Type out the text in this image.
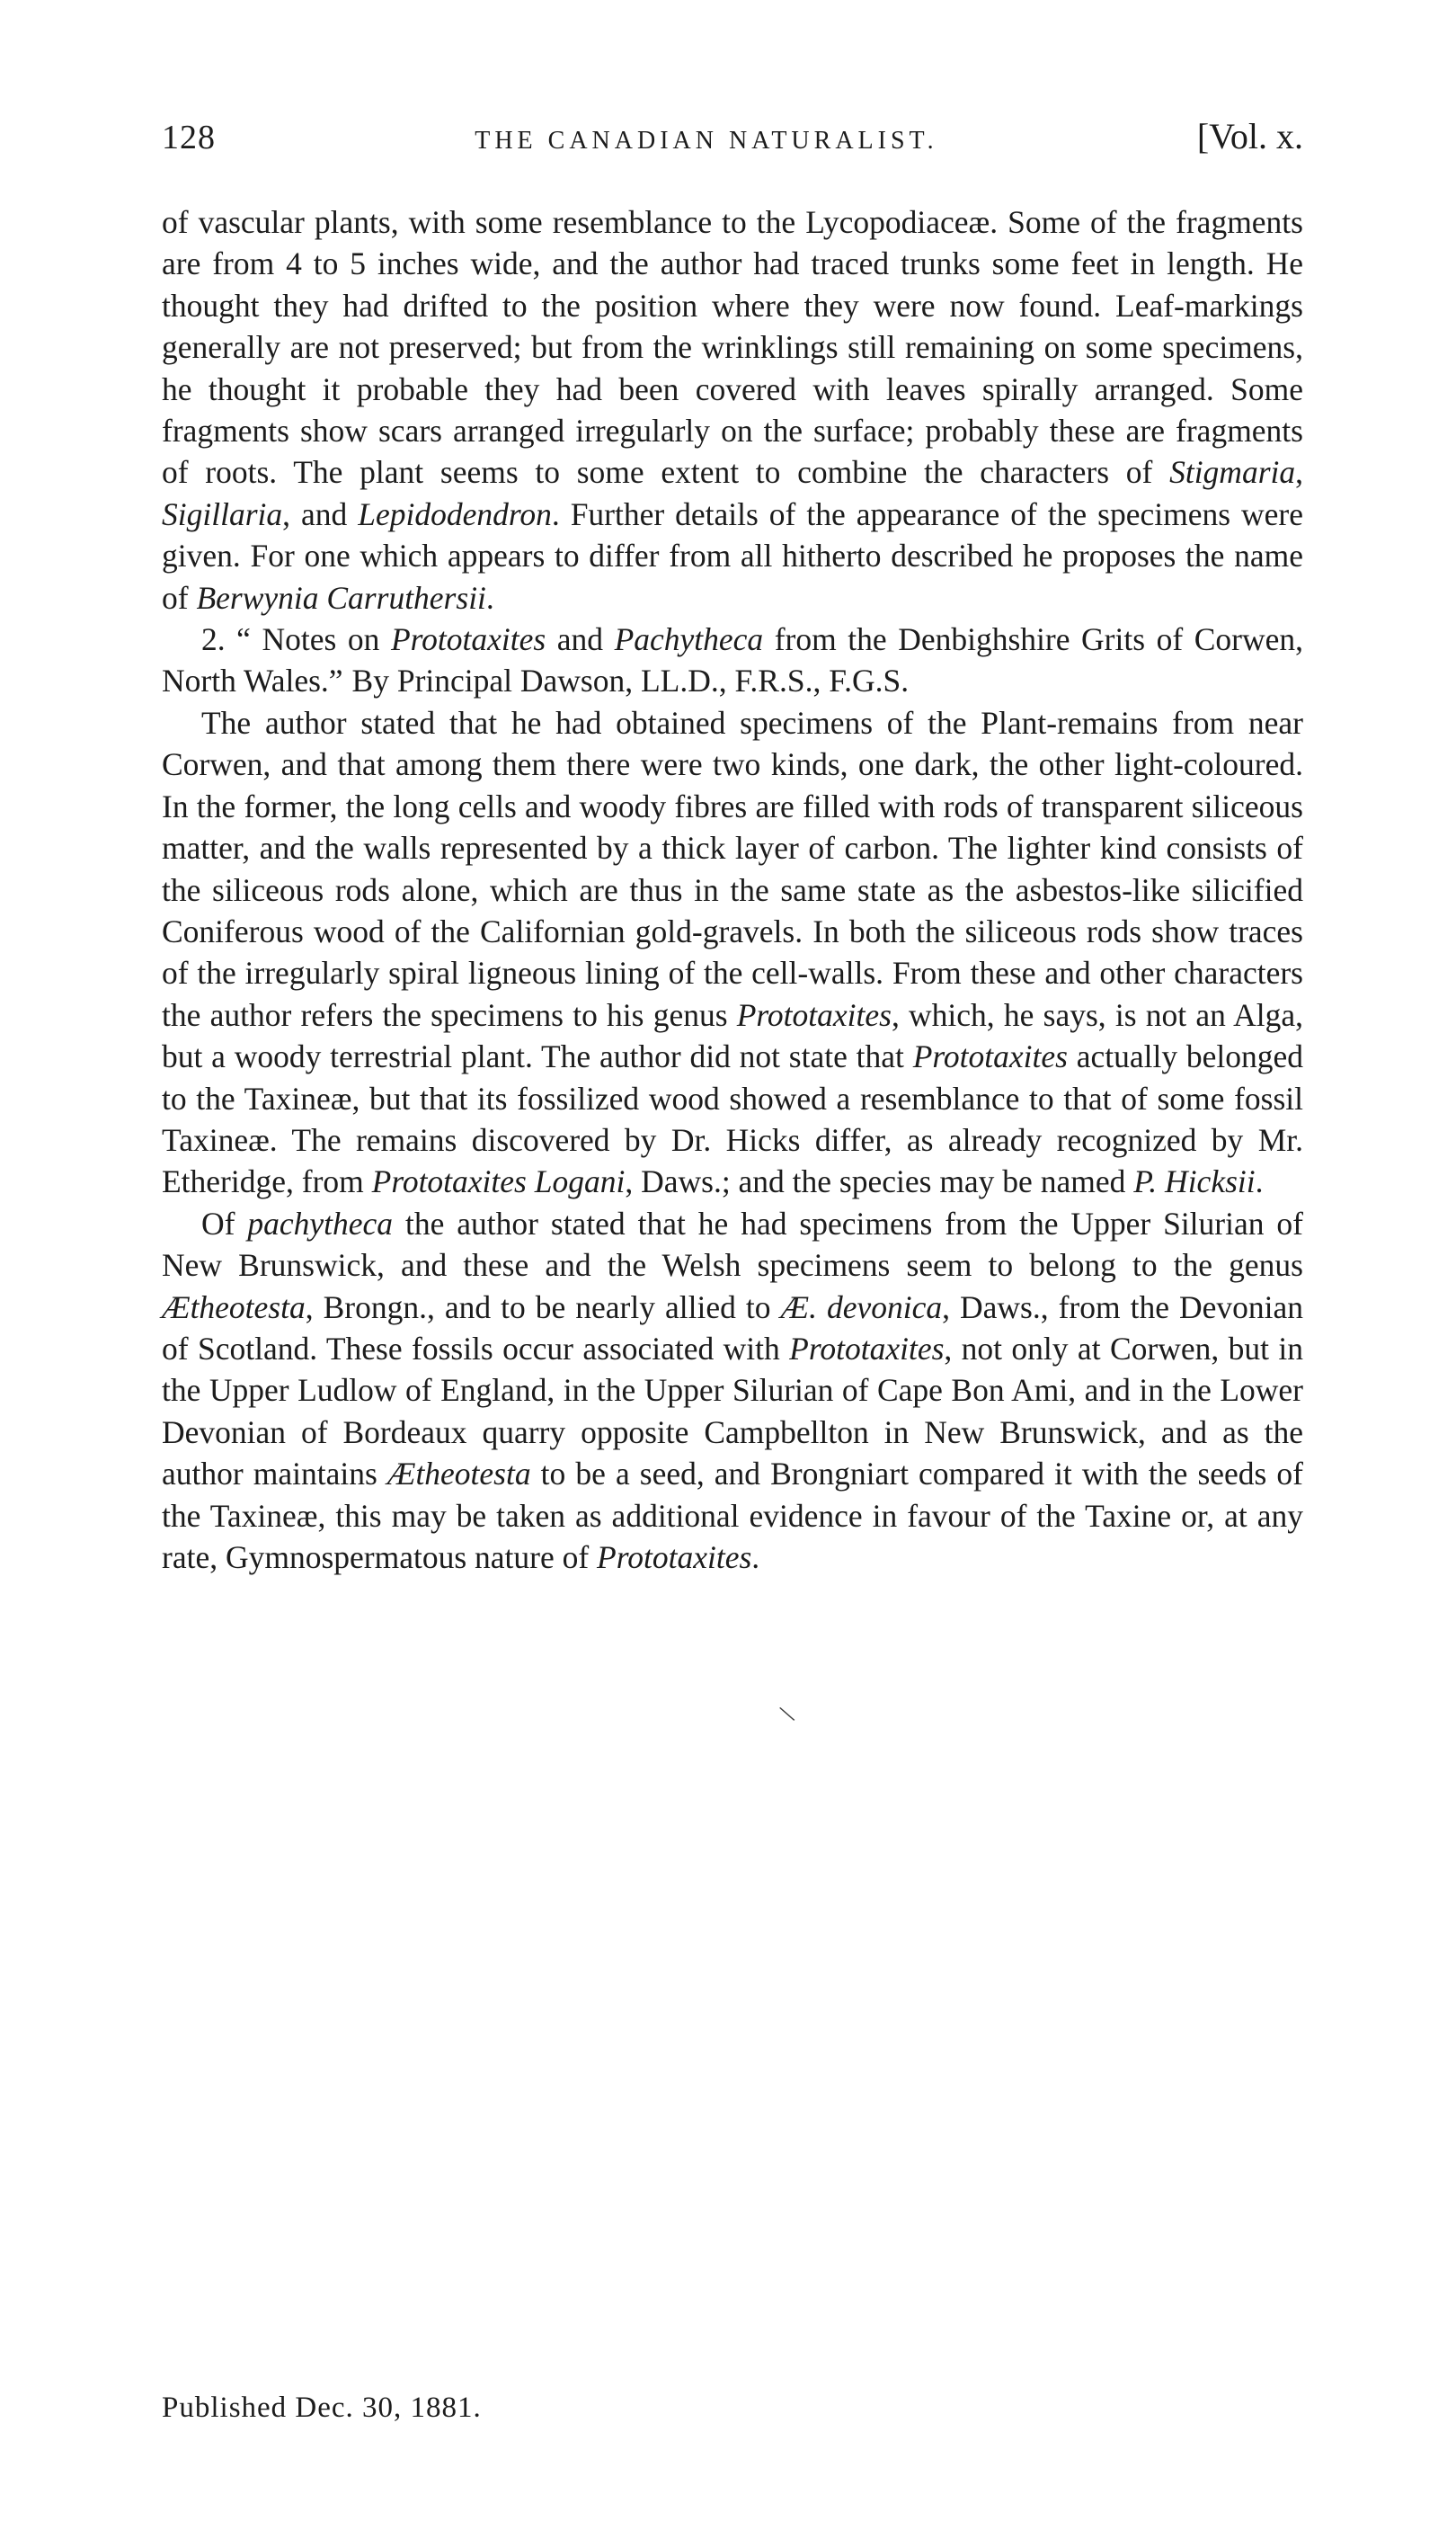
128	THE CANADIAN NATURALIST.	[Vol. x.

of vascular plants, with some resemblance to the Lycopodiaceæ. Some of the fragments are from 4 to 5 inches wide, and the author had traced trunks some feet in length. He thought they had drifted to the position where they were now found. Leaf-markings generally are not preserved; but from the wrinklings still remaining on some specimens, he thought it probable they had been covered with leaves spirally arranged. Some fragments show scars arranged irregularly on the surface; probably these are fragments of roots. The plant seems to some extent to combine the characters of Stigmaria, Sigillaria, and Lepidodendron. Further details of the appearance of the specimens were given. For one which appears to differ from all hitherto described he proposes the name of Berwynia Carruthersii.

2. “ Notes on Prototaxites and Pachytheca from the Denbighshire Grits of Corwen, North Wales.” By Principal Dawson, LL.D., F.R.S., F.G.S.

The author stated that he had obtained specimens of the Plant-remains from near Corwen, and that among them there were two kinds, one dark, the other light-coloured. In the former, the long cells and woody fibres are filled with rods of transparent siliceous matter, and the walls represented by a thick layer of carbon. The lighter kind consists of the siliceous rods alone, which are thus in the same state as the asbestos-like silicified Coniferous wood of the Californian gold-gravels. In both the siliceous rods show traces of the irregularly spiral ligneous lining of the cell-walls. From these and other characters the author refers the specimens to his genus Prototaxites, which, he says, is not an Alga, but a woody terrestrial plant. The author did not state that Prototaxites actually belonged to the Taxineæ, but that its fossilized wood showed a resemblance to that of some fossil Taxineæ. The remains discovered by Dr. Hicks differ, as already recognized by Mr. Etheridge, from Prototaxites Logani, Daws.; and the species may be named P. Hicksii.

Of pachytheca the author stated that he had specimens from the Upper Silurian of New Brunswick, and these and the Welsh specimens seem to belong to the genus Ætheotesta, Brongn., and to be nearly allied to Æ. devonica, Daws., from the Devonian of Scotland. These fossils occur associated with Prototaxites, not only at Corwen, but in the Upper Ludlow of England, in the Upper Silurian of Cape Bon Ami, and in the Lower Devonian of Bordeaux quarry opposite Campbellton in New Brunswick, and as the author maintains Ætheotesta to be a seed, and Brongniart compared it with the seeds of the Taxineæ, this may be taken as additional evidence in favour of the Taxine or, at any rate, Gymnospermatous nature of Prototaxites.

\
Published Dec. 30, 1881.
